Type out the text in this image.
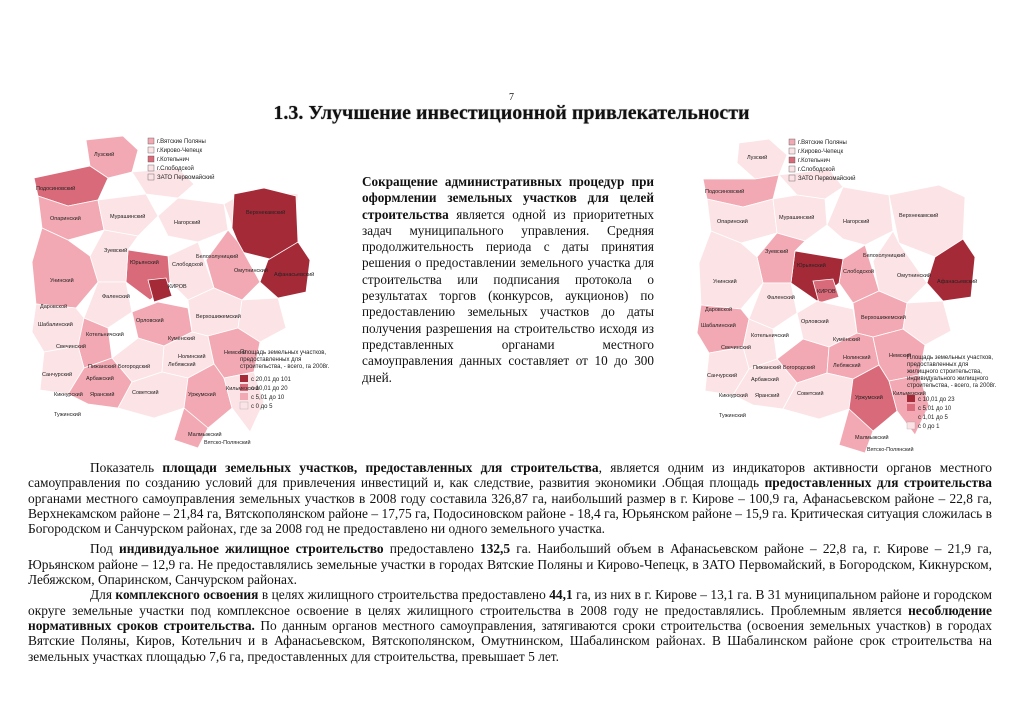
7
1.3. Улучшение инвестиционной привлекательности
г.Вятские Поляны
г.Кирово-Чепецк
г.Котельнич
г.Слободской
ЗАТО Первомайский
Площадь земельных участков,
предоставленных для
строительства, - всего, га 2008г.
с 20,01 до 101
с 10,01 до 20
с 5,01 до 10
с 0 до 5
Лузский
Подосиновский
Верхнекамский
Опаринский	Мурашинский
Нагорский
Афанасьевский
Юрьянский Слободской
КИРОВ
Омутнинский
Белохолуницкий
Зуевский
Унинский
Фаленский
Орловский
Шабалинский
Котельничский
Даровской
Свечинский
Верхошижемский
Кумёнский
Богородский
Немский
Санчурский
Арбажский
Советский
Пижанский	Лебяжский
Нолинский
Кикнурский Яранский
Тужинский
Кильмезский
Уржумский
Малмыжский
Вятско-Полянский
Сокращение административных процедур при оформлении земельных участков для целей строительства является одной из приоритетных задач муниципального управления. Средняя продолжительность периода с даты принятия решения о предоставлении земельного участка для строительства или подписания протокола о результатах торгов (конкурсов, аукционов) по предоставлению земельных участков до даты получения разрешения на строительство исходя из представленных органами местного самоуправления данных составляет от 10 до 300 дней.
г.Вятские Поляны
г.Кирово-Чепецк
г.Котельнич
г.Слободской
ЗАТО Первомайский
Площадь земельных участков,
предоставленных для
жилищного строительства,
индивидуального жилищного
строительства, - всего, га 2008г.
с 10,01 до 23
с 5,01 до 10
с 1,01 до 5
с 0 до 1
Лузский
Подосиновский
Верхнекамский
Опаринский
Мурашинский
Нагорский
Афанасьевский
Юрьянский
Слободской
КИРОВ
Омутнинский
Белохолуницкий
Зуевский
Унинский
Фаленский
Орловский
Шабалинский
Котельничский
Даровской
Свечинский
Верхошижемский
Кумёнский
Богородский
Немский
Санчурский
Арбажский
Советский
Пижанский	Лебяжский
Нолинский
Кикнурский Яранский
Тужинский
Кильмезский
Уржумский
Малмыжский
Вятско-Полянский

Показатель площади земельных участков, предоставленных для строительства, является одним из индикаторов активности органов местного самоуправления по созданию условий для привлечения инвестиций и, как следствие, развития экономики .Общая площадь предоставленных для строительства органами местного самоуправления земельных участков в 2008 году составила 326,87 га, наибольший размер в г. Кирове – 100,9 га, Афанасьевском районе – 22,8 га, Верхнекамском районе – 21,84 га, Вятскополянском районе – 17,75 га, Подосиновском районе - 18,4 га, Юрьянском районе – 15,9 га. Критическая ситуация сложилась в Богородском и Санчурском районах, где за 2008 год не предоставлено ни одного земельного участка.

Под индивидуальное жилищное строительство предоставлено 132,5 га. Наибольший объем в Афанасьевском районе – 22,8 га, г. Кирове – 21,9 га, Юрьянском районе – 12,9 га. Не предоставлялись земельные участки в городах Вятские Поляны и Кирово-Чепецк, в ЗАТО Первомайский, в Богородском, Кикнурском, Лебяжском, Опаринском, Санчурском районах.

Для комплексного освоения в целях жилищного строительства предоставлено 44,1 га, из них в г. Кирове – 13,1 га. В 31 муниципальном районе и городском округе земельные участки под комплексное освоение в целях жилищного строительства в 2008 году не предоставлялись. Проблемным является несоблюдение нормативных сроков строительства. По данным органов местного самоуправления, затягиваются сроки строительства (освоения земельных участков) в городах Вятские Поляны, Киров, Котельнич и в Афанасьевском, Вятскополянском, Омутнинском, Шабалинском районах. В Шабалинском районе срок строительства на земельных участках площадью 7,6 га, предоставленных для строительства, превышает 5 лет.
